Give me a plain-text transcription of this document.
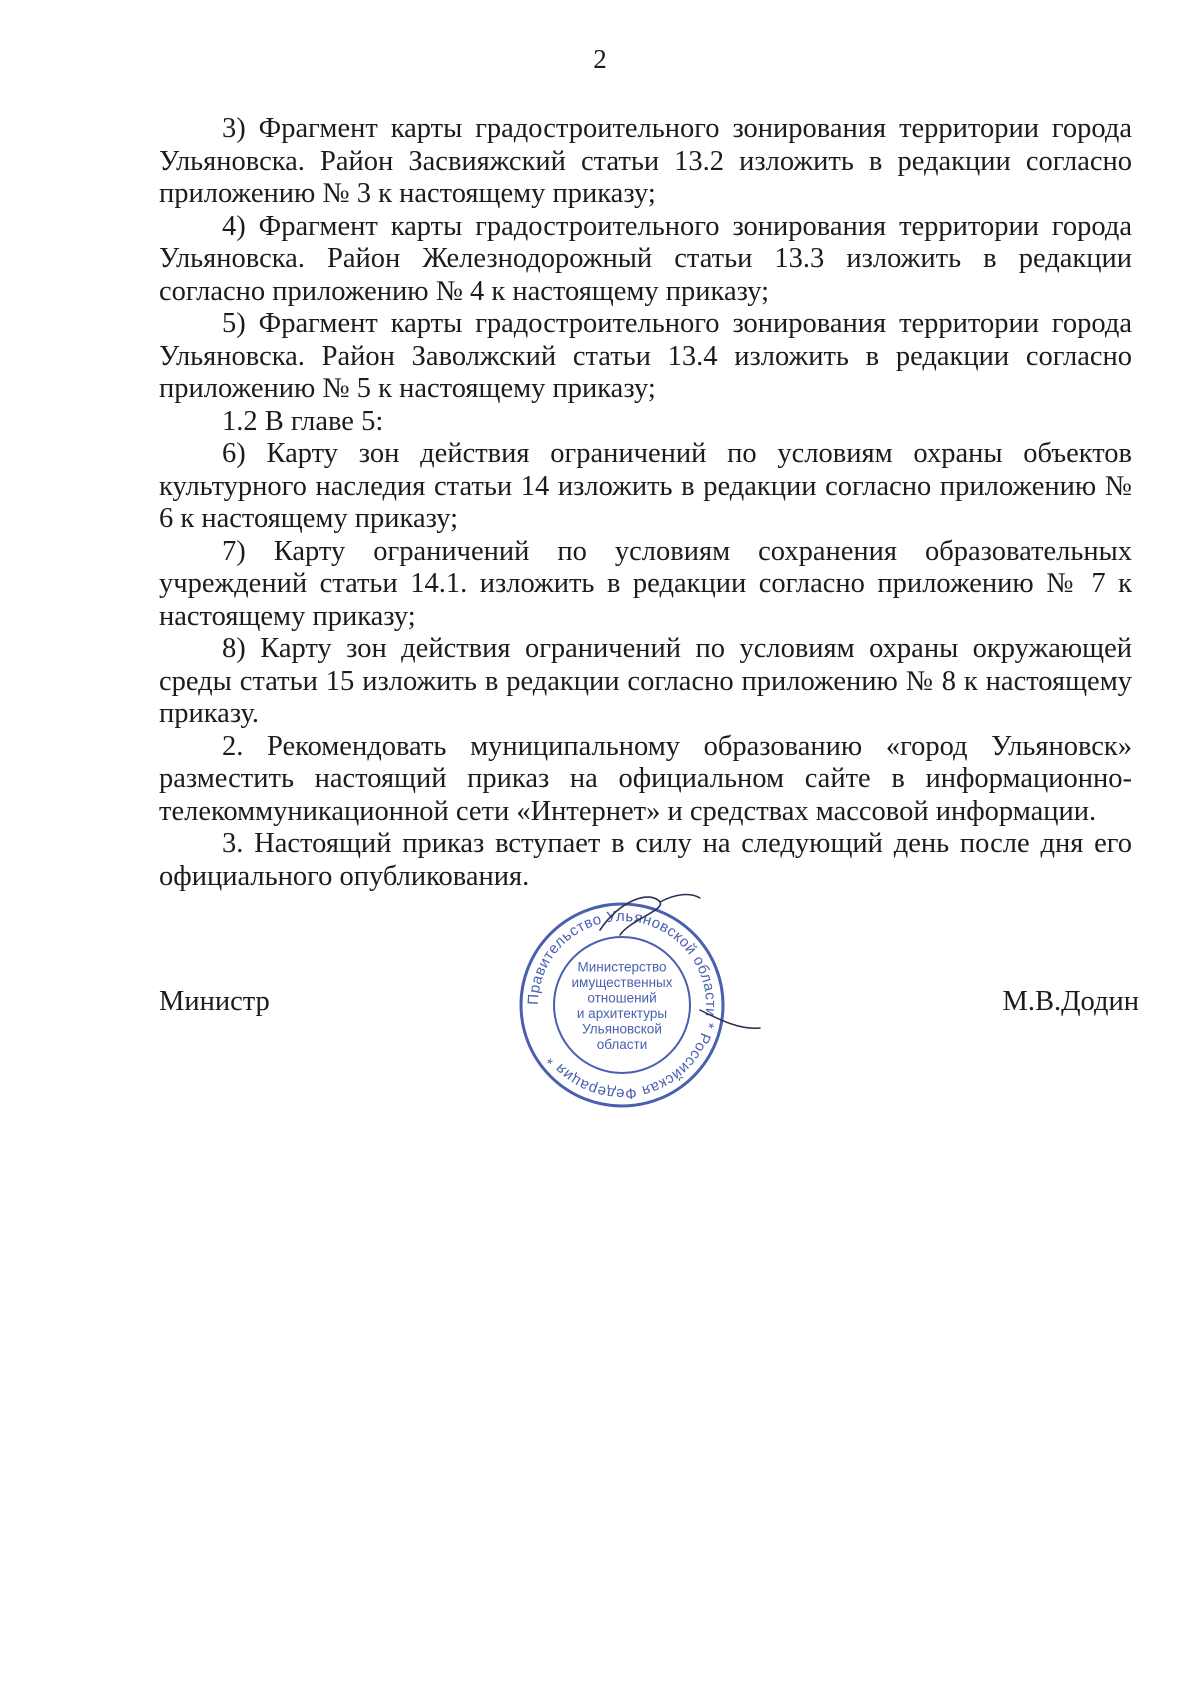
2

3) Фрагмент карты градостроительного зонирования территории города Ульяновска. Район Засвияжский статьи 13.2 изложить в редакции согласно приложению № 3 к настоящему приказу;

4) Фрагмент карты градостроительного зонирования территории города Ульяновска. Район Железнодорожный статьи 13.3 изложить в редакции согласно приложению № 4 к настоящему приказу;

5) Фрагмент карты градостроительного зонирования территории города Ульяновска. Район Заволжский статьи 13.4 изложить в редакции согласно приложению № 5 к настоящему приказу;

1.2 В главе 5:

6) Карту зон действия ограничений по условиям охраны объектов культурного наследия статьи 14 изложить в редакции согласно приложению № 6 к настоящему приказу;

7) Карту ограничений по условиям сохранения образовательных учреждений статьи 14.1. изложить в редакции согласно приложению № 7 к настоящему приказу;

8) Карту зон действия ограничений по условиям охраны окружающей среды статьи 15 изложить в редакции согласно приложению № 8 к настоящему приказу.

2. Рекомендовать муниципальному образованию «город Ульяновск» разместить настоящий приказ на официальном сайте в информационно-телекоммуникационной сети «Интернет» и средствах массовой информации.

3. Настоящий приказ вступает в силу на следующий день после дня его официального опубликования.

Министр	М.В.Додин
Правительство Ульяновской области * Российская Федерация *
Министерство
имущественных
отношений
и архитектуры
Ульяновской
области
